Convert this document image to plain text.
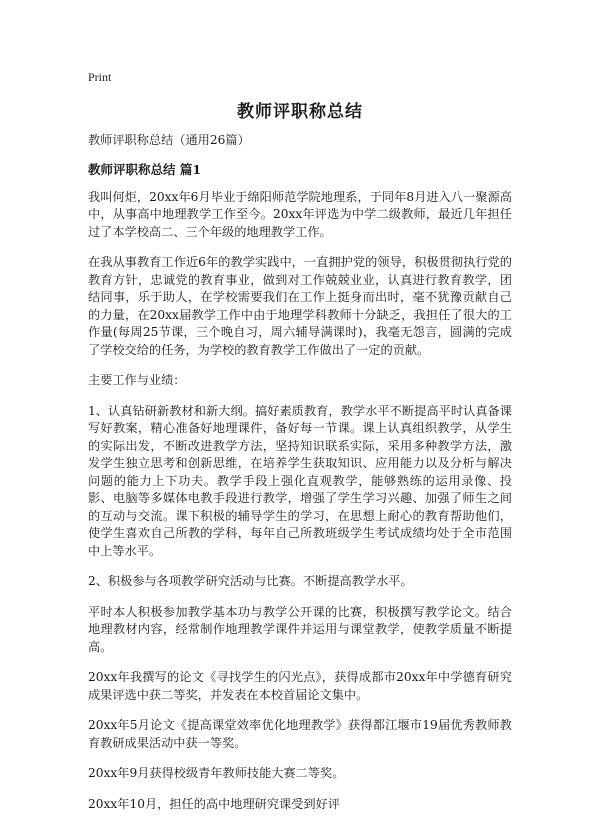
Print
教师评职称总结

教师评职称总结（通用26篇）

教师评职称总结 篇1

我叫何炬，20xx年6月毕业于绵阳师范学院地理系，于同年8月进入八一聚源高中，从事高中地理教学工作至今。20xx年评选为中学二级教师，最近几年担任过了本学校高二、三个年级的地理教学工作。

在我从事教育工作近6年的教学实践中，一直拥护党的领导，积极贯彻执行党的教育方针，忠诚党的教育事业，做到对工作兢兢业业，认真进行教育教学，团结同事，乐于助人，在学校需要我们在工作上挺身而出时，毫不犹豫贡献自己的力量，在20xx届教学工作中由于地理学科教师十分缺乏，我担任了很大的工作量(每周25节课，三个晚自习，周六辅导满课时)，我毫无怨言，圆满的完成了学校交给的任务，为学校的教育教学工作做出了一定的贡献。

主要工作与业绩：

1、认真钻研新教材和新大纲。搞好素质教育，教学水平不断提高平时认真备课写好教案，精心准备好地理课件，备好每一节课。课上认真组织教学，从学生的实际出发，不断改进教学方法，坚持知识联系实际，采用多种教学方法，激发学生独立思考和创新思维，在培养学生获取知识、应用能力以及分析与解决问题的能力上下功夫。教学手段上强化直观教学，能够熟练的运用录像、投影、电脑等多媒体电教手段进行教学，增强了学生学习兴趣、加强了师生之间的互动与交流。课下积极的辅导学生的学习，在思想上耐心的教育帮助他们，使学生喜欢自己所教的学科，每年自己所教班级学生考试成绩均处于全市范围中上等水平。

2、积极参与各项教学研究活动与比赛。不断提高教学水平。

平时本人积极参加教学基本功与教学公开课的比赛，积极撰写教学论文。结合地理教材内容，经常制作地理教学课件并运用与课堂教学，使教学质量不断提高。

20xx年我撰写的论文《寻找学生的闪光点》，获得成都市20xx年中学德育研究成果评选中获二等奖，并发表在本校首届论文集中。

20xx年5月论文《提高课堂效率优化地理教学》获得都江堰市19届优秀教师教育教研成果活动中获一等奖。

20xx年9月获得校级青年教师技能大赛二等奖。

20xx年10月，担任的高中地理研究课受到好评
